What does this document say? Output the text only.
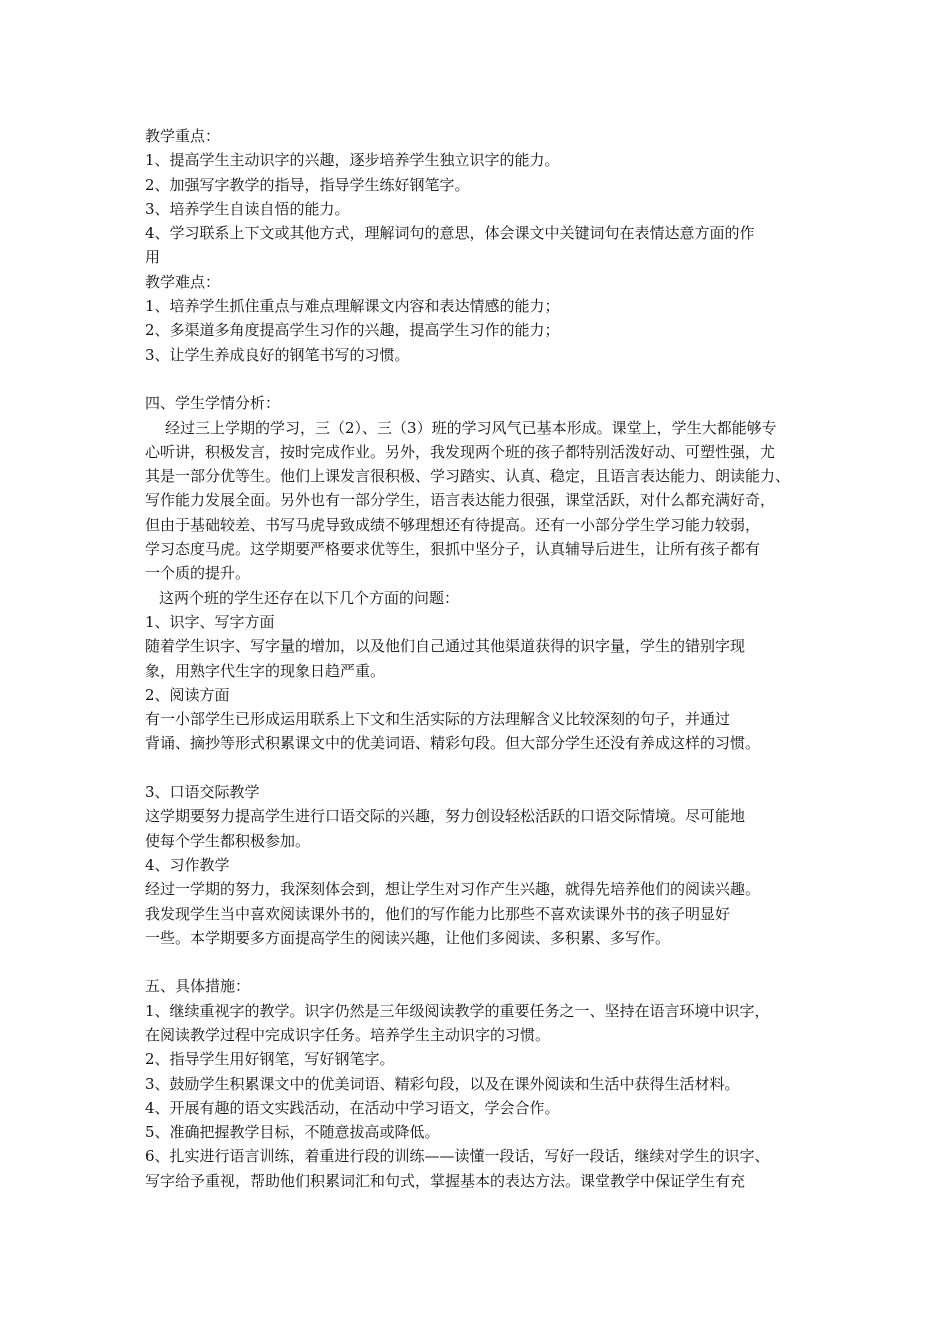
教学重点：
1、提高学生主动识字的兴趣，逐步培养学生独立识字的能力。
2、加强写字教学的指导，指导学生练好钢笔字。
3、培养学生自读自悟的能力。
4、学习联系上下文或其他方式，理解词句的意思，体会课文中关键词句在表情达意方面的作
用
教学难点：
1、培养学生抓住重点与难点理解课文内容和表达情感的能力；
2、多渠道多角度提高学生习作的兴趣，提高学生习作的能力；
3、让学生养成良好的钢笔书写的习惯。
四、学生学情分析：
经过三上学期的学习，三（2）、三（3）班的学习风气已基本形成。课堂上，学生大都能够专
心听讲，积极发言，按时完成作业。另外，我发现两个班的孩子都特别活泼好动、可塑性强，尤
其是一部分优等生。他们上课发言很积极、学习踏实、认真、稳定，且语言表达能力、朗读能力、
写作能力发展全面。另外也有一部分学生，语言表达能力很强，课堂活跃，对什么都充满好奇，
但由于基础较差、书写马虎导致成绩不够理想还有待提高。还有一小部分学生学习能力较弱，
学习态度马虎。这学期要严格要求优等生，狠抓中坚分子，认真辅导后进生，让所有孩子都有
一个质的提升。
这两个班的学生还存在以下几个方面的问题：
1、识字、写字方面
随着学生识字、写字量的增加，以及他们自己通过其他渠道获得的识字量，学生的错别字现
象，用熟字代生字的现象日趋严重。
2、阅读方面
有一小部学生已形成运用联系上下文和生活实际的方法理解含义比较深刻的句子，并通过
背诵、摘抄等形式积累课文中的优美词语、精彩句段。但大部分学生还没有养成这样的习惯。
3、口语交际教学
这学期要努力提高学生进行口语交际的兴趣，努力创设轻松活跃的口语交际情境。尽可能地
使每个学生都积极参加。
4、习作教学
经过一学期的努力，我深刻体会到，想让学生对习作产生兴趣，就得先培养他们的阅读兴趣。
我发现学生当中喜欢阅读课外书的，他们的写作能力比那些不喜欢读课外书的孩子明显好
一些。本学期要多方面提高学生的阅读兴趣，让他们多阅读、多积累、多写作。
五、具体措施：
1、继续重视字的教学。识字仍然是三年级阅读教学的重要任务之一、坚持在语言环境中识字，
在阅读教学过程中完成识字任务。培养学生主动识字的习惯。
2、指导学生用好钢笔，写好钢笔字。
3、鼓励学生积累课文中的优美词语、精彩句段，以及在课外阅读和生活中获得生活材料。
4、开展有趣的语文实践活动，在活动中学习语文，学会合作。
5、准确把握教学目标，不随意拔高或降低。
6、扎实进行语言训练，着重进行段的训练——读懂一段话，写好一段话，继续对学生的识字、
写字给予重视，帮助他们积累词汇和句式，掌握基本的表达方法。课堂教学中保证学生有充
